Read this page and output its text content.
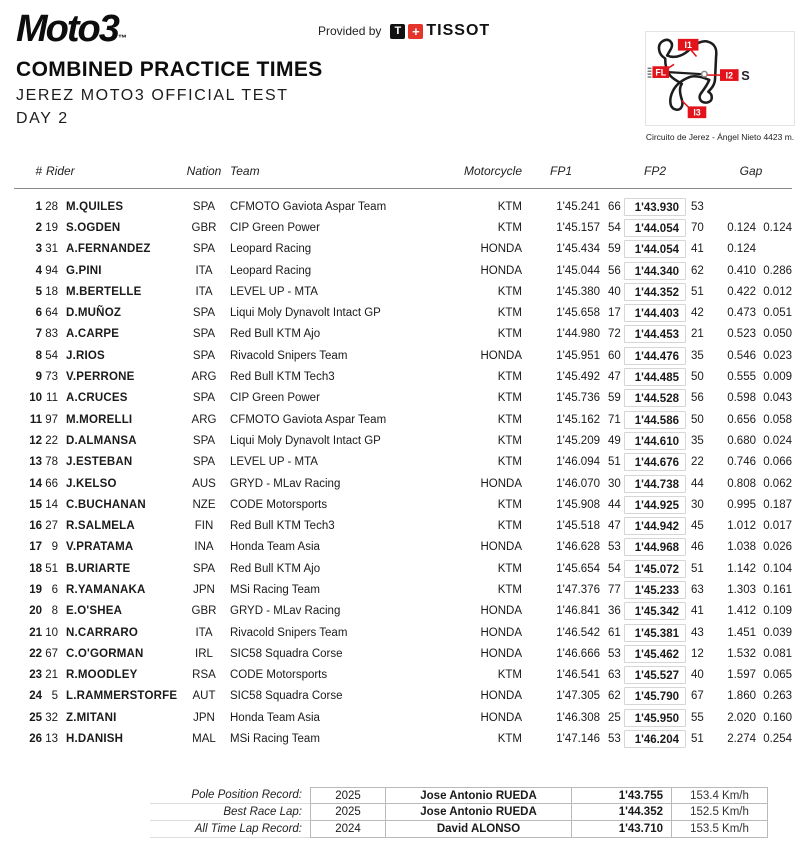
Moto3™	Provided by	T + TISSOT
COMBINED PRACTICE TIMES
JEREZ MOTO3 OFFICIAL TEST
DAY 2
I1
FL	I2 S
I3
Circuito de Jerez - Ángel Nieto 4423 m.
# Rider	Nation Team	Motorcycle	FP1	FP2	Gap
1 28 M.QUILES	SPA	CFMOTO Gaviota Aspar Team	KTM	1'45.241 66	1'43.930	53
2 19 S.OGDEN	GBR	CIP Green Power	KTM	1'45.157 54	1'44.054	70	0.124 0.124
3 31 A.FERNANDEZ	SPA	Leopard Racing	HONDA	1'45.434 59	1'44.054	41	0.124
4 94 G.PINI	ITA	Leopard Racing	HONDA	1'45.044 56	1'44.340	62	0.410 0.286
5 18 M.BERTELLE	ITA	LEVEL UP - MTA	KTM	1'45.380 40	1'44.352	51	0.422 0.012
6 64 D.MUÑOZ	SPA	Liqui Moly Dynavolt Intact GP	KTM	1'45.658 17	1'44.403	42	0.473 0.051
7 83 A.CARPE	SPA	Red Bull KTM Ajo	KTM	1'44.980 72	1'44.453	21	0.523 0.050
8 54 J.RIOS	SPA	Rivacold Snipers Team	HONDA	1'45.951 60	1'44.476	35	0.546 0.023
9 73 V.PERRONE	ARG	Red Bull KTM Tech3	KTM	1'45.492 47	1'44.485	50	0.555 0.009
10 11 A.CRUCES	SPA	CIP Green Power	KTM	1'45.736 59	1'44.528	56	0.598 0.043
11 97 M.MORELLI	ARG	CFMOTO Gaviota Aspar Team	KTM	1'45.162 71	1'44.586	50	0.656 0.058
12 22 D.ALMANSA	SPA	Liqui Moly Dynavolt Intact GP	KTM	1'45.209 49	1'44.610	35	0.680 0.024
13 78 J.ESTEBAN	SPA	LEVEL UP - MTA	KTM	1'46.094 51	1'44.676	22	0.746 0.066
14 66 J.KELSO	AUS	GRYD - MLav Racing	HONDA	1'46.070 30	1'44.738	44	0.808 0.062
15 14 C.BUCHANAN	NZE	CODE Motorsports	KTM	1'45.908 44	1'44.925	30	0.995 0.187
16 27 R.SALMELA	FIN	Red Bull KTM Tech3	KTM	1'45.518 47	1'44.942	45	1.012 0.017
17 9 V.PRATAMA	INA	Honda Team Asia	HONDA	1'46.628 53	1'44.968	46	1.038 0.026
18 51 B.URIARTE	SPA	Red Bull KTM Ajo	KTM	1'45.654 54	1'45.072	51	1.142 0.104
19 6 R.YAMANAKA	JPN	MSi Racing Team	KTM	1'47.376 77	1'45.233	63	1.303 0.161
20 8 E.O'SHEA	GBR	GRYD - MLav Racing	HONDA	1'46.841 36	1'45.342	41	1.412 0.109
21 10 N.CARRARO	ITA	Rivacold Snipers Team	HONDA	1'46.542 61	1'45.381	43	1.451 0.039
22 67 C.O'GORMAN	IRL	SIC58 Squadra Corse	HONDA	1'46.666 53	1'45.462	12	1.532 0.081
23 21 R.MOODLEY	RSA	CODE Motorsports	KTM	1'46.541 63	1'45.527	40	1.597 0.065
24 5 L.RAMMERSTORFE	AUT	SIC58 Squadra Corse	HONDA	1'47.305 62	1'45.790	67	1.860 0.263
25 32 Z.MITANI	JPN	Honda Team Asia	HONDA	1'46.308 25	1'45.950	55	2.020 0.160
26 13 H.DANISH	MAL	MSi Racing Team	KTM	1'47.146 53	1'46.204	51	2.274 0.254
Pole Position Record:	2025	Jose Antonio RUEDA	1'43.755	153.4 Km/h
Best Race Lap:	2025	Jose Antonio RUEDA	1'44.352	152.5 Km/h
All Time Lap Record:	2024	David ALONSO	1'43.710	153.5 Km/h
